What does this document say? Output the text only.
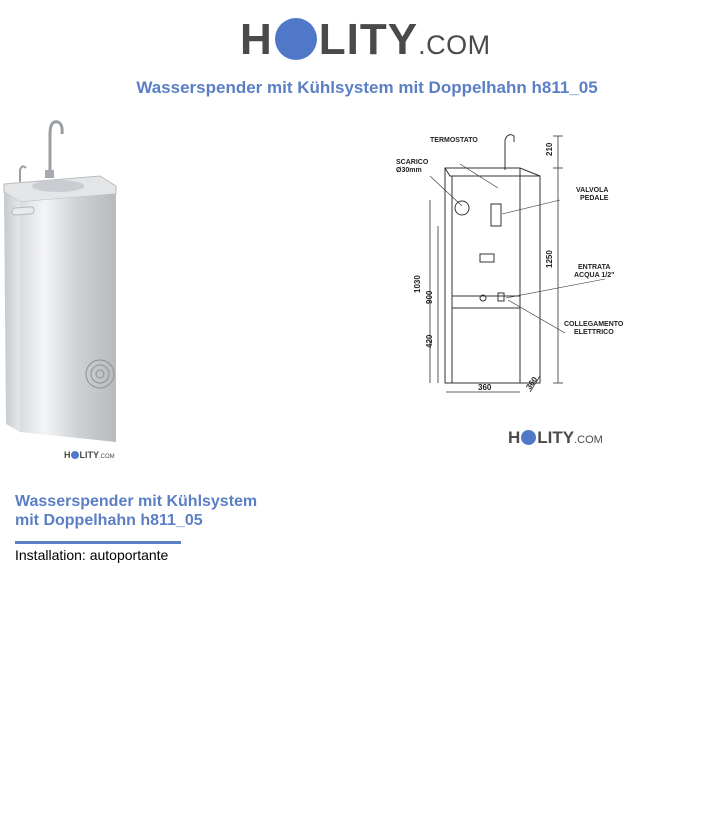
H LITY .COM
Wasserspender mit Kühlsystem mit Doppelhahn h811_05
H LITY .COM
TERMOSTATO
SCARICO
Ø30mm
VALVOLA
PEDALE
ENTRATA
ACQUA 1/2"
COLLEGAMENTO
ELETTRICO
210
1250
1030
900
420
360	360
H LITY .COM
Wasserspender mit Kühlsystem
mit Doppelhahn h811_05
Installation: autoportante
